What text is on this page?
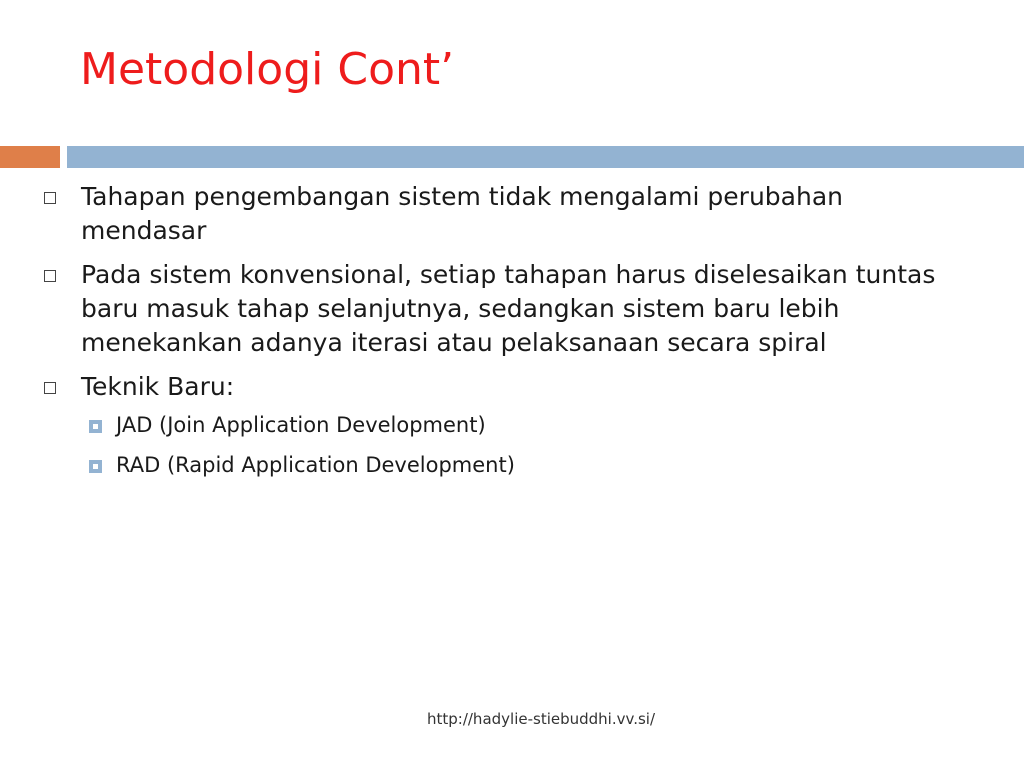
Metodologi Cont’
Tahapan pengembangan sistem tidak mengalami perubahan mendasar
Pada sistem konvensional, setiap tahapan harus diselesaikan tuntas baru masuk tahap selanjutnya, sedangkan sistem baru lebih menekankan adanya iterasi atau pelaksanaan secara spiral
Teknik Baru:
JAD (Join Application Development)
RAD (Rapid Application Development)
http://hadylie-stiebuddhi.vv.si/
